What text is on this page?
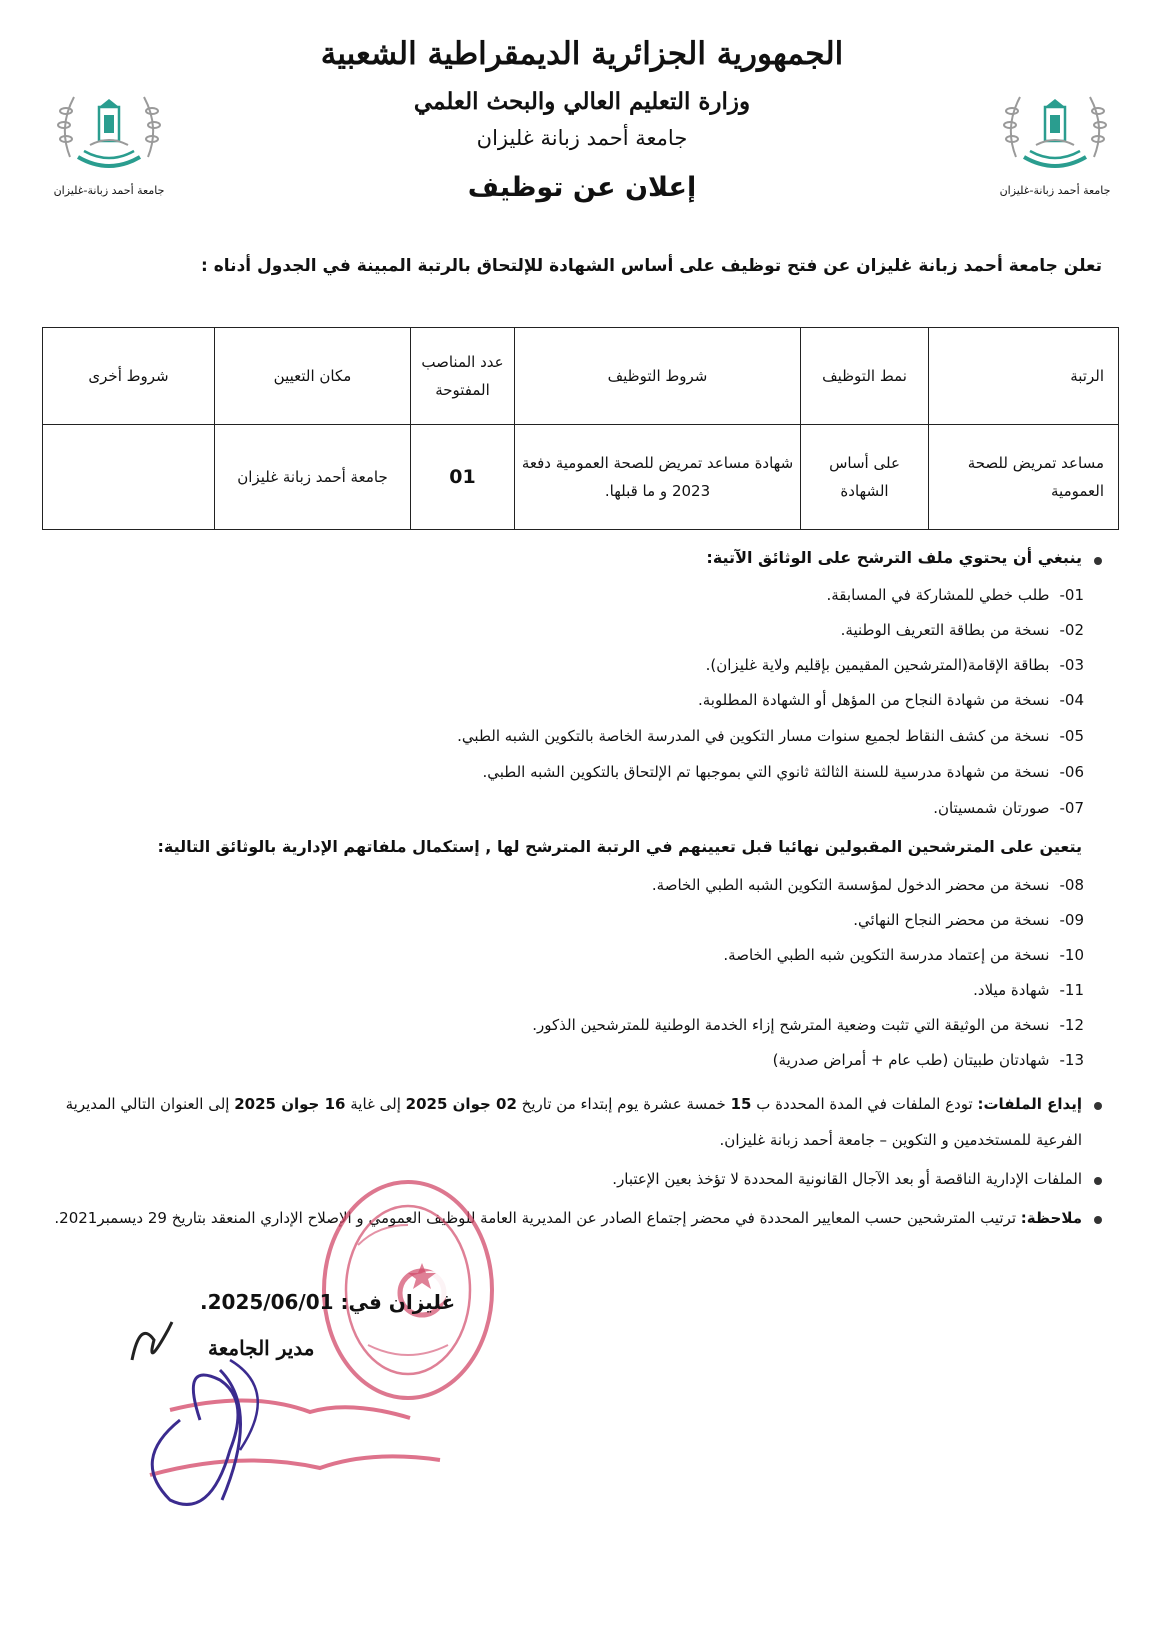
الجمهورية الجزائرية الديمقراطية الشعبية
وزارة التعليم العالي والبحث العلمي
جامعة أحمد زبانة غليزان
إعلان عن توظيف
جامعة أحمد زبانة-غليزان	جامعة أحمد زبانة-غليزان
تعلن جامعة أحمد زبانة غليزان عن فتح توظيف على أساس الشهادة للإلتحاق بالرتبة المبينة في الجدول أدناه :
الرتبة	نمط التوظيف	شروط التوظيف	عدد المناصب المفتوحة	مكان التعيين	شروط أخرى
مساعد تمريض للصحة العمومية	على أساس الشهادة	شهادة مساعد تمريض للصحة العمومية دفعة 2023 و ما قبلها.	01	جامعة أحمد زبانة غليزان	
ينبغي أن يحتوي ملف الترشح على الوثائق الآتية:
01-طلب خطي للمشاركة في المسابقة.
02-نسخة من بطاقة التعريف الوطنية.
03-بطاقة الإقامة(المترشحين المقيمين بإقليم ولاية غليزان).
04-نسخة من شهادة النجاح من المؤهل أو الشهادة المطلوبة.
05-نسخة من كشف النقاط لجميع سنوات مسار التكوين في المدرسة الخاصة بالتكوين الشبه الطبي.
06-نسخة من شهادة مدرسية للسنة الثالثة ثانوي التي بموجبها تم الإلتحاق بالتكوين الشبه الطبي.
07-صورتان شمسيتان.
يتعين على المترشحين المقبولين نهائيا قبل تعيينهم في الرتبة المترشح لها , إستكمال ملفاتهم الإدارية بالوثائق التالية:
08-نسخة من محضر الدخول لمؤسسة التكوين الشبه الطبي الخاصة.
09-نسخة من محضر النجاح النهائي.
10-نسخة من إعتماد مدرسة التكوين شبه الطبي الخاصة.
11-شهادة ميلاد.
12-نسخة من الوثيقة التي تثبت وضعية المترشح إزاء الخدمة الوطنية للمترشحين الذكور.
13-شهادتان طبيتان (طب عام + أمراض صدرية)
إيداع الملفات: تودع الملفات في المدة المحددة ب 15 خمسة عشرة يوم إبتداء من تاريخ 02 جوان 2025 إلى غاية 16 جوان 2025 إلى العنوان التالي المديرية الفرعية للمستخدمين و التكوين – جامعة أحمد زبانة غليزان.
الملفات الإدارية الناقصة أو بعد الآجال القانونية المحددة لا تؤخذ بعين الإعتبار.
ملاحظة: ترتيب المترشحين حسب المعايير المحددة في محضر إجتماع الصادر عن المديرية العامة للوظيف العمومي و الإصلاح الإداري المنعقد بتاريخ 29 ديسمبر2021.
غليزان في: 2025/06/01.
مدير الجامعة
